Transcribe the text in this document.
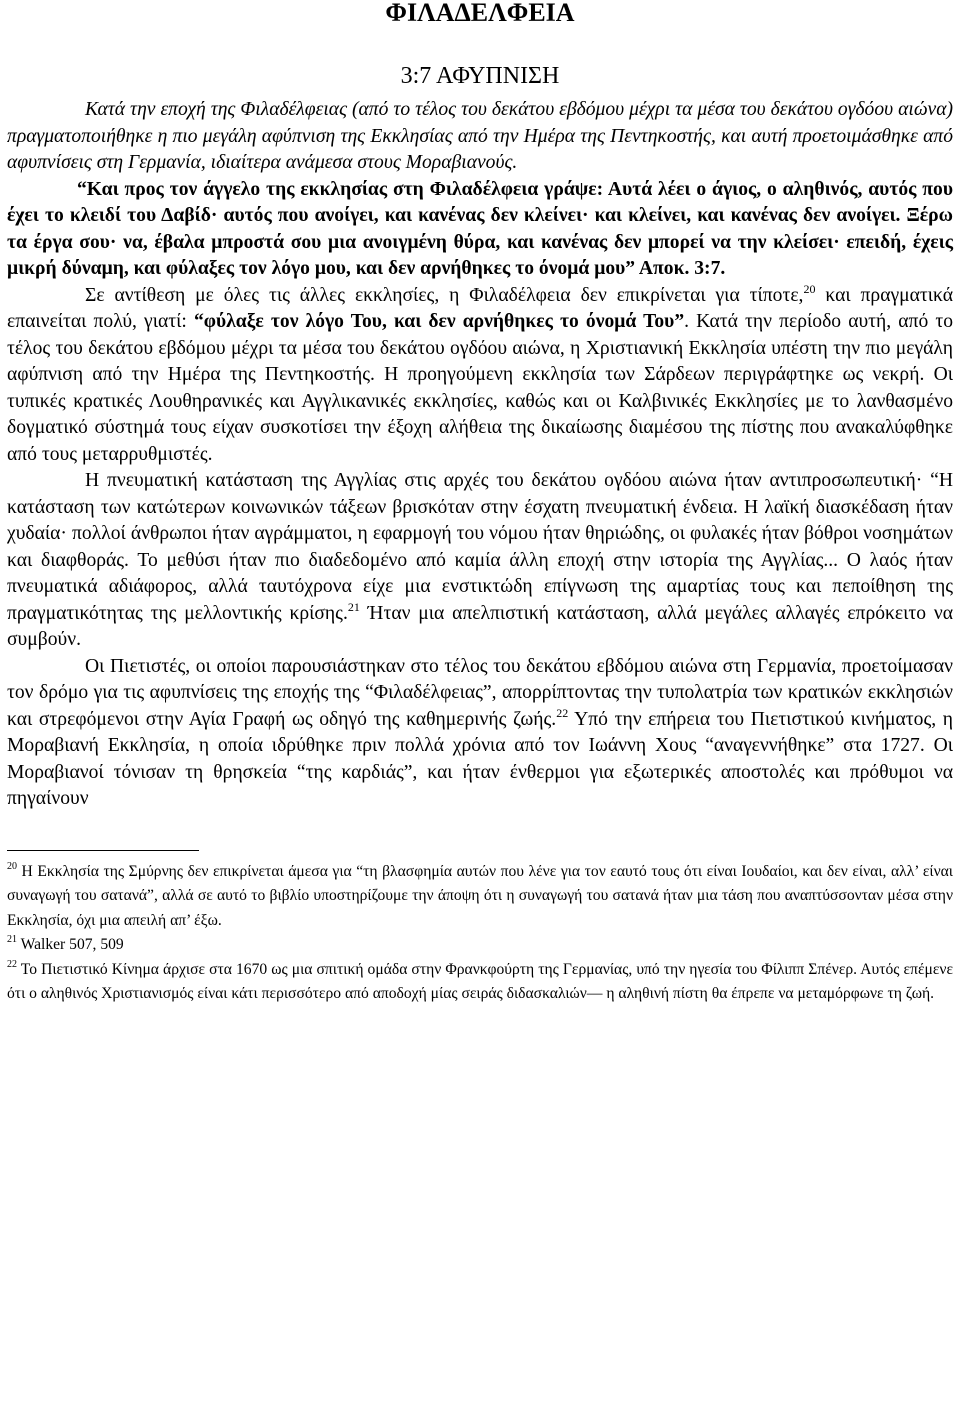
ΦΙΛΑΔΕΛΦΕΙΑ
3:7 ΑΦΥΠΝΙΣΗ

Κατά την εποχή της Φιλαδέλφειας (από το τέλος του δεκάτου εβδόμου μέχρι τα μέσα του δεκάτου ογδόου αιώνα) πραγματοποιήθηκε η πιο μεγάλη αφύπνιση της Εκκλησίας από την Ημέρα της Πεντηκοστής, και αυτή προετοιμάσθηκε από αφυπνίσεις στη Γερμανία, ιδιαίτερα ανάμεσα στους Μοραβιανούς.

“Και προς τον άγγελο της εκκλησίας στη Φιλαδέλφεια γράψε: Αυτά λέει ο άγιος, ο αληθινός, αυτός που έχει το κλειδί του Δαβίδ· αυτός που ανοίγει, και κανένας δεν κλείνει· και κλείνει, και κανένας δεν ανοίγει. Ξέρω τα έργα σου· να, έβαλα μπροστά σου μια ανοιγμένη θύρα, και κανένας δεν μπορεί να την κλείσει· επειδή, έχεις μικρή δύναμη, και φύλαξες τον λόγο μου, και δεν αρνήθηκες το όνομά μου” Αποκ. 3:7.

Σε αντίθεση με όλες τις άλλες εκκλησίες, η Φιλαδέλφεια δεν επικρίνεται για τίποτε,$^{20}$ και πραγματικά επαινείται πολύ, γιατί: “φύλαξε τον λόγο Του, και δεν αρνήθηκες το όνομά Του”. Κατά την περίοδο αυτή, από το τέλος του δεκάτου εβδόμου μέχρι τα μέσα του δεκάτου ογδόου αιώνα, η Χριστιανική Εκκλησία υπέστη την πιο μεγάλη αφύπνιση από την Ημέρα της Πεντηκοστής. Η προηγούμενη εκκλησία των Σάρδεων περιγράφτηκε ως νεκρή. Οι τυπικές κρατικές Λουθηρανικές και Αγγλικανικές εκκλησίες, καθώς και οι Καλβινικές Εκκλησίες με το λανθασμένο δογματικό σύστημά τους είχαν συσκοτίσει την έξοχη αλήθεια της δικαίωσης διαμέσου της πίστης που ανακαλύφθηκε από τους μεταρρυθμιστές.

Η πνευματική κατάσταση της Αγγλίας στις αρχές του δεκάτου ογδόου αιώνα ήταν αντιπροσωπευτική· “Η κατάσταση των κατώτερων κοινωνικών τάξεων βρισκόταν στην έσχατη πνευματική ένδεια. Η λαϊκή διασκέδαση ήταν χυδαία· πολλοί άνθρωποι ήταν αγράμματοι, η εφαρμογή του νόμου ήταν θηριώδης, οι φυλακές ήταν βόθροι νοσημάτων και διαφθοράς. Το μεθύσι ήταν πιο διαδεδομένο από καμία άλλη εποχή στην ιστορία της Αγγλίας... Ο λαός ήταν πνευματικά αδιάφορος, αλλά ταυτόχρονα είχε μια ενστικτώδη επίγνωση της αμαρτίας τους και πεποίθηση της πραγματικότητας της μελλοντικής κρίσης.$^{21}$ Ήταν μια απελπιστική κατάσταση, αλλά μεγάλες αλλαγές επρόκειτο να συμβούν.

Οι Πιετιστές, οι οποίοι παρουσιάστηκαν στο τέλος του δεκάτου εβδόμου αιώνα στη Γερμανία, προετοίμασαν τον δρόμο για τις αφυπνίσεις της εποχής της “Φιλαδέλφειας”, απορρίπτοντας την τυπολατρία των κρατικών εκκλησιών και στρεφόμενοι στην Αγία Γραφή ως οδηγό της καθημερινής ζωής.$^{22}$ Υπό την επήρεια του Πιετιστικού κινήματος, η Μοραβιανή Εκκλησία, η οποία ιδρύθηκε πριν πολλά χρόνια από τον Ιωάννη Χους “αναγεννήθηκε” στα 1727. Οι Μοραβιανοί τόνισαν τη θρησκεία “της καρδιάς”, και ήταν ένθερμοι για εξωτερικές αποστολές και πρόθυμοι να πηγαίνουν

$^{20}$ Η Εκκλησία της Σμύρνης δεν επικρίνεται άμεσα για “τη βλασφημία αυτών που λένε για τον εαυτό τους ότι είναι Ιουδαίοι, και δεν είναι, αλλ’ είναι συναγωγή του σατανά”, αλλά σε αυτό το βιβλίο υποστηρίζουμε την άποψη ότι η συναγωγή του σατανά ήταν μια τάση που αναπτύσσονταν μέσα στην Εκκλησία, όχι μια απειλή απ’ έξω.

$^{21}$ Walker 507, 509

$^{22}$ Το Πιετιστικό Κίνημα άρχισε στα 1670 ως μια σπιτική ομάδα στην Φρανκφούρτη της Γερμανίας, υπό την ηγεσία του Φίλιππ Σπένερ. Αυτός επέμενε ότι ο αληθινός Χριστιανισμός είναι κάτι περισσότερο από αποδοχή μίας σειράς διδασκαλιών— η αληθινή πίστη θα έπρεπε να μεταμόρφωνε τη ζωή.
